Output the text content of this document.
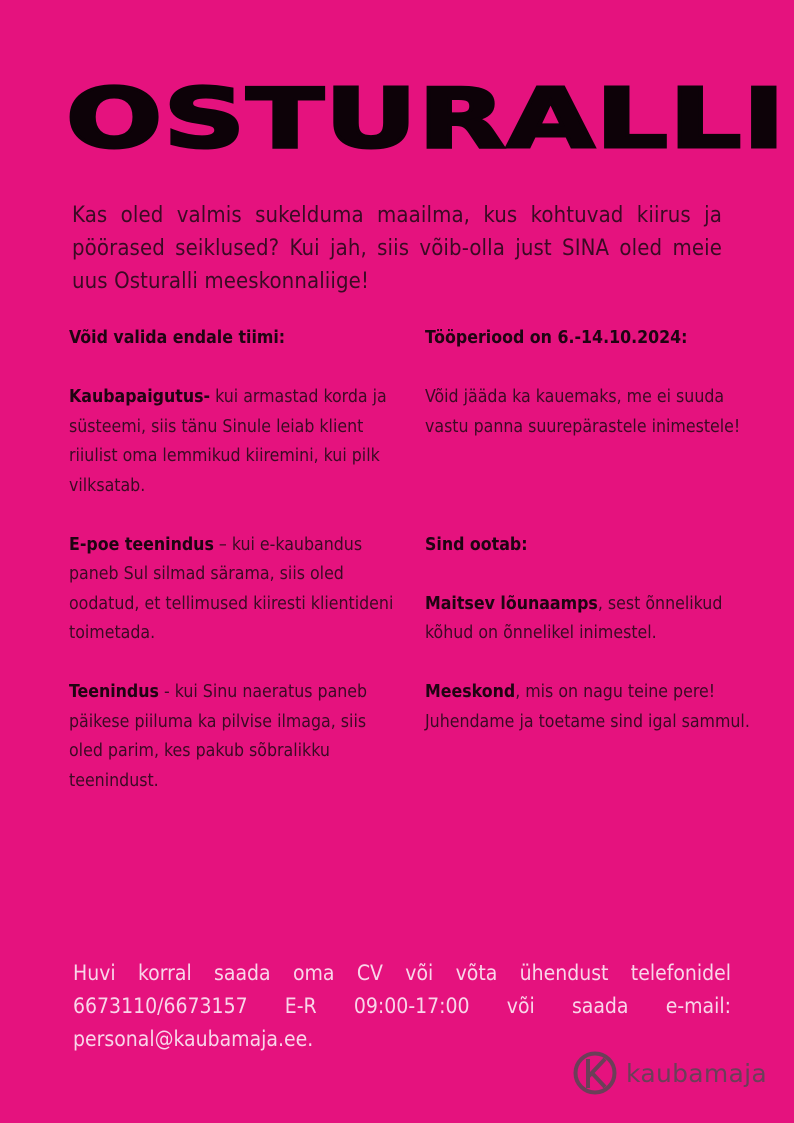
OSTURALLI
Kas oled valmis sukelduma maailma, kus kohtuvad kiirus ja pöörased seiklused? Kui jah, siis võib-olla just SINA oled meie uus Osturalli meeskonnaliige!

Võid valida endale tiimi:

Kaubapaigutus- kui armastad korda ja süsteemi, siis tänu Sinule leiab klient riiulist oma lemmikud kiiremini, kui pilk vilksatab.

E-poe teenindus – kui e-kaubandus paneb Sul silmad särama, siis oled oodatud, et tellimused kiiresti klientideni toimetada.

Teenindus - kui Sinu naeratus paneb päikese piiluma ka pilvise ilmaga, siis oled parim, kes pakub sõbralikku teenindust.

Tööperiood on 6.-14.10.2024:

Võid jääda ka kauemaks, me ei suuda vastu panna suurepärastele inimestele!

Sind ootab:

Maitsev lõunaamps, sest õnnelikud kõhud on õnnelikel inimestel.

Meeskond, mis on nagu teine pere! Juhendame ja toetame sind igal sammul.

Huvi korral saada oma CV või võta ühendust telefonidel
6673110/6673157 E-R 09:00-17:00 või saada e-mail:
personal@kaubamaja.ee.
kaubamaja
